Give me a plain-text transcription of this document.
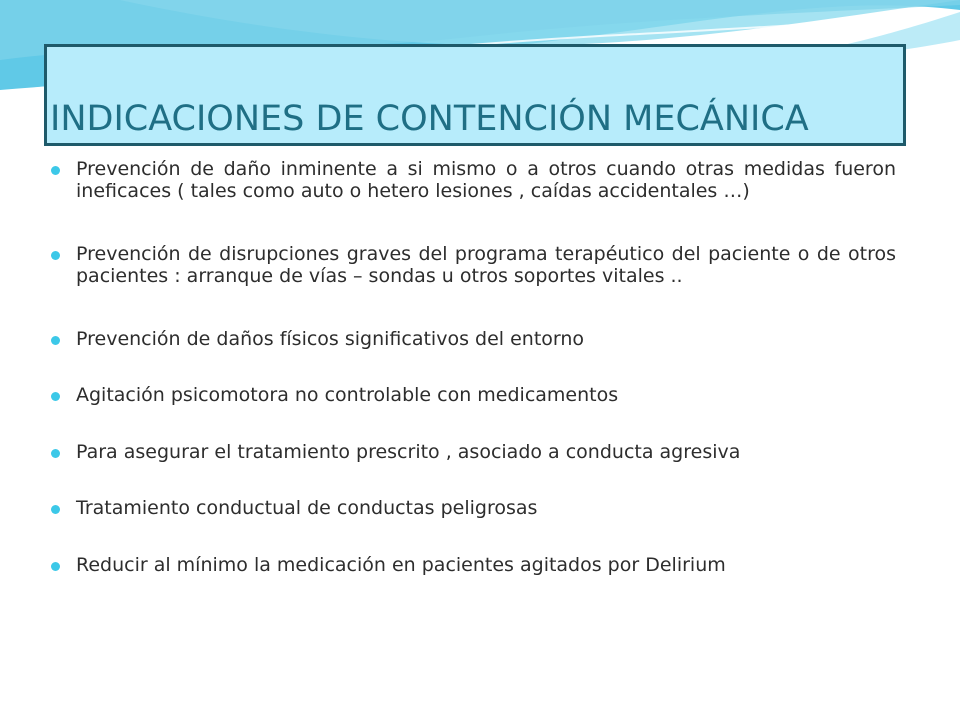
INDICACIONES DE CONTENCIÓN MECÁNICA
Prevención de daño inminente a si mismo o a otros cuando otras medidas fueron ineficaces ( tales como auto o hetero lesiones , caídas accidentales …)
Prevención de disrupciones graves del programa terapéutico del paciente o de otros pacientes : arranque de vías – sondas u otros soportes vitales ..
Prevención de daños físicos significativos del entorno
Agitación psicomotora no controlable con medicamentos
Para asegurar el tratamiento prescrito , asociado a conducta agresiva
Tratamiento conductual de conductas peligrosas
Reducir al mínimo la medicación en pacientes agitados por Delirium
